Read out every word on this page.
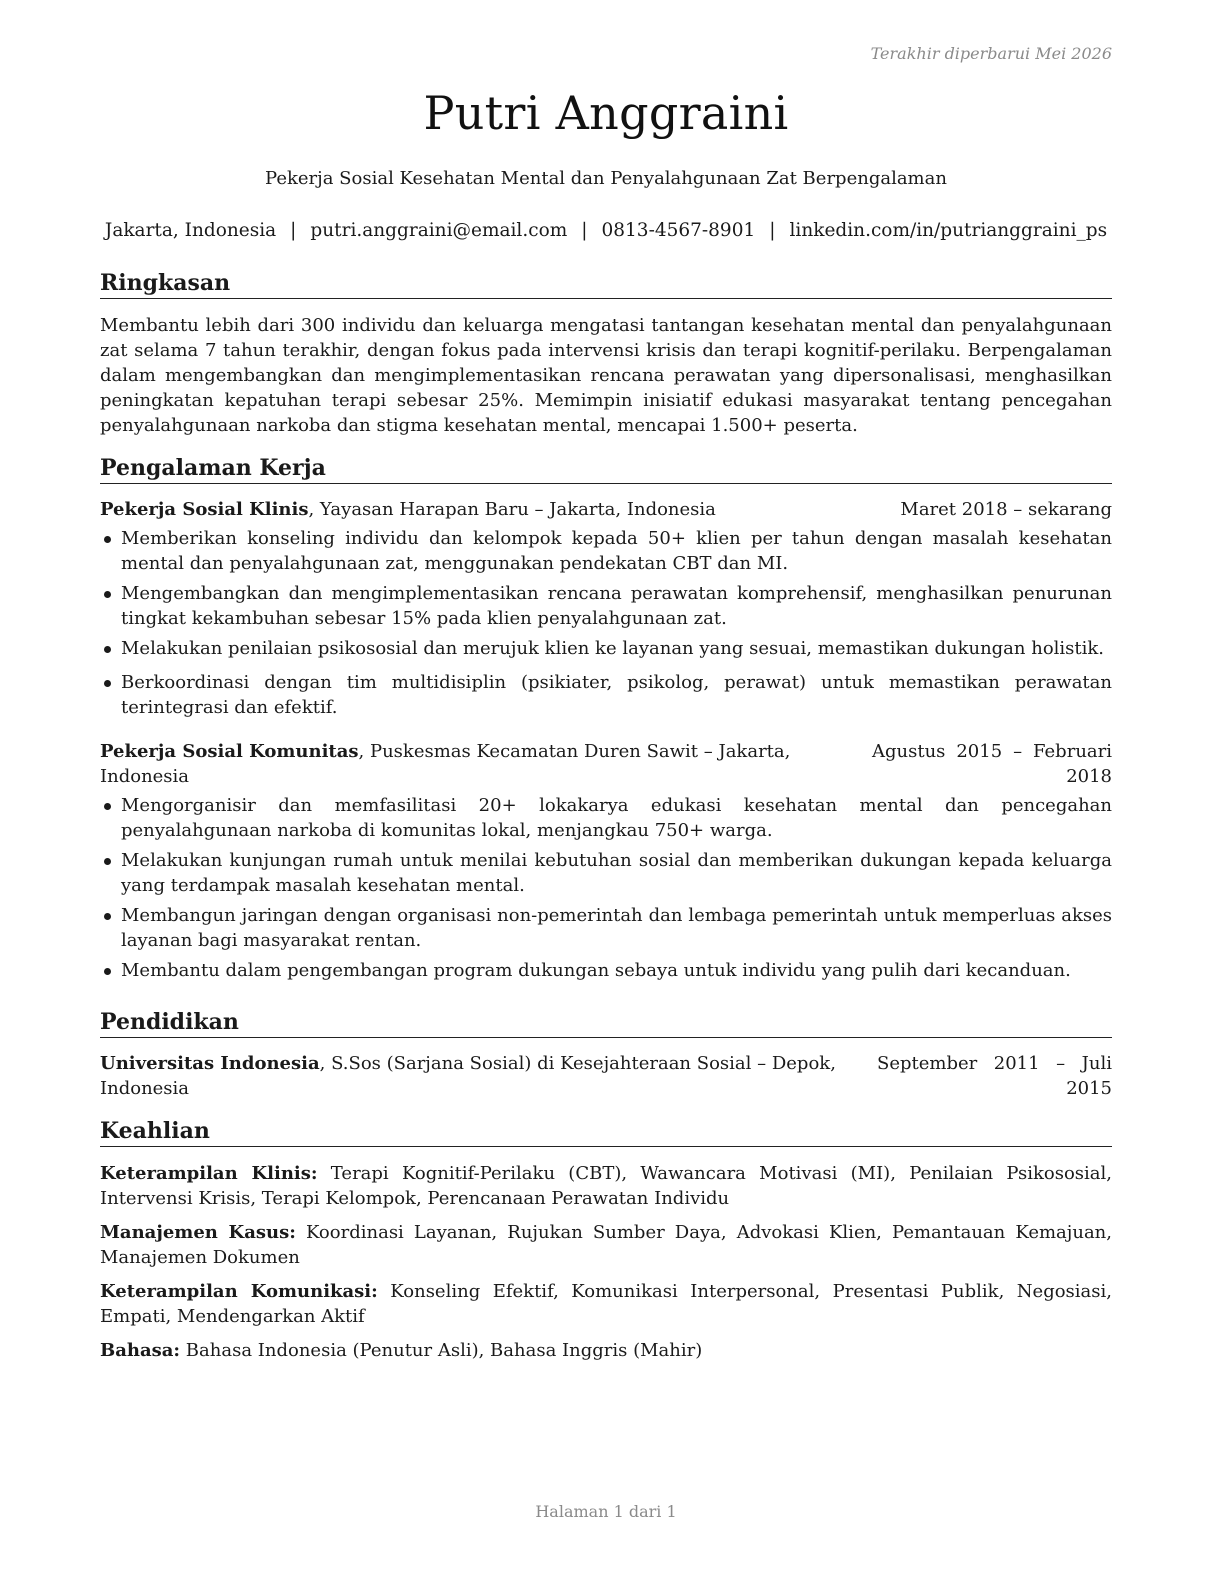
Terakhir diperbarui Mei 2026
Putri Anggraini
Pekerja Sosial Kesehatan Mental dan Penyalahgunaan Zat Berpengalaman
Jakarta, Indonesia | putri.anggraini@email.com | 0813-4567-8901 | linkedin.com/in/putrianggraini_ps
Ringkasan

Membantu lebih dari 300 individu dan keluarga mengatasi tantangan kesehatan mental dan penyalahgunaan zat selama 7 tahun terakhir, dengan fokus pada intervensi krisis dan terapi kognitif-perilaku. Berpengalaman dalam mengembangkan dan mengimplementasikan rencana perawatan yang dipersonalisasi, menghasilkan peningkatan kepatuhan terapi sebesar 25%. Memimpin inisiatif edukasi masyarakat tentang pencegahan penyalahgunaan narkoba dan stigma kesehatan mental, mencapai 1.500+ peserta.

Pengalaman Kerja
Pekerja Sosial Klinis, Yayasan Harapan Baru – Jakarta, Indonesia	Maret 2018 – sekarang
Memberikan konseling individu dan kelompok kepada 50+ klien per tahun dengan masalah kesehatan mental dan penyalahgunaan zat, menggunakan pendekatan CBT dan MI.
Mengembangkan dan mengimplementasikan rencana perawatan komprehensif, menghasilkan penurunan tingkat kekambuhan sebesar 15% pada klien penyalahgunaan zat.
Melakukan penilaian psikososial dan merujuk klien ke layanan yang sesuai, memastikan dukungan holistik.
Berkoordinasi dengan tim multidisiplin (psikiater, psikolog, perawat) untuk memastikan perawatan terintegrasi dan efektif.
Pekerja Sosial Komunitas, Puskesmas Kecamatan Duren Sawit – Jakarta, Indonesia
Agustus 2015 – Februari 2018
Mengorganisir dan memfasilitasi 20+ lokakarya edukasi kesehatan mental dan pencegahan penyalahgunaan narkoba di komunitas lokal, menjangkau 750+ warga.
Melakukan kunjungan rumah untuk menilai kebutuhan sosial dan memberikan dukungan kepada keluarga yang terdampak masalah kesehatan mental.
Membangun jaringan dengan organisasi non-pemerintah dan lembaga pemerintah untuk memperluas akses layanan bagi masyarakat rentan.
Membantu dalam pengembangan program dukungan sebaya untuk individu yang pulih dari kecanduan.
Pendidikan
Universitas Indonesia, S.Sos (Sarjana Sosial) di Kesejahteraan Sosial – Depok, Indonesia
September 2011 – Juli 2015
Keahlian

Keterampilan Klinis: Terapi Kognitif-Perilaku (CBT), Wawancara Motivasi (MI), Penilaian Psikososial, Intervensi Krisis, Terapi Kelompok, Perencanaan Perawatan Individu

Manajemen Kasus: Koordinasi Layanan, Rujukan Sumber Daya, Advokasi Klien, Pemantauan Kemajuan, Manajemen Dokumen

Keterampilan Komunikasi: Konseling Efektif, Komunikasi Interpersonal, Presentasi Publik, Negosiasi, Empati, Mendengarkan Aktif

Bahasa: Bahasa Indonesia (Penutur Asli), Bahasa Inggris (Mahir)

Halaman 1 dari 1
